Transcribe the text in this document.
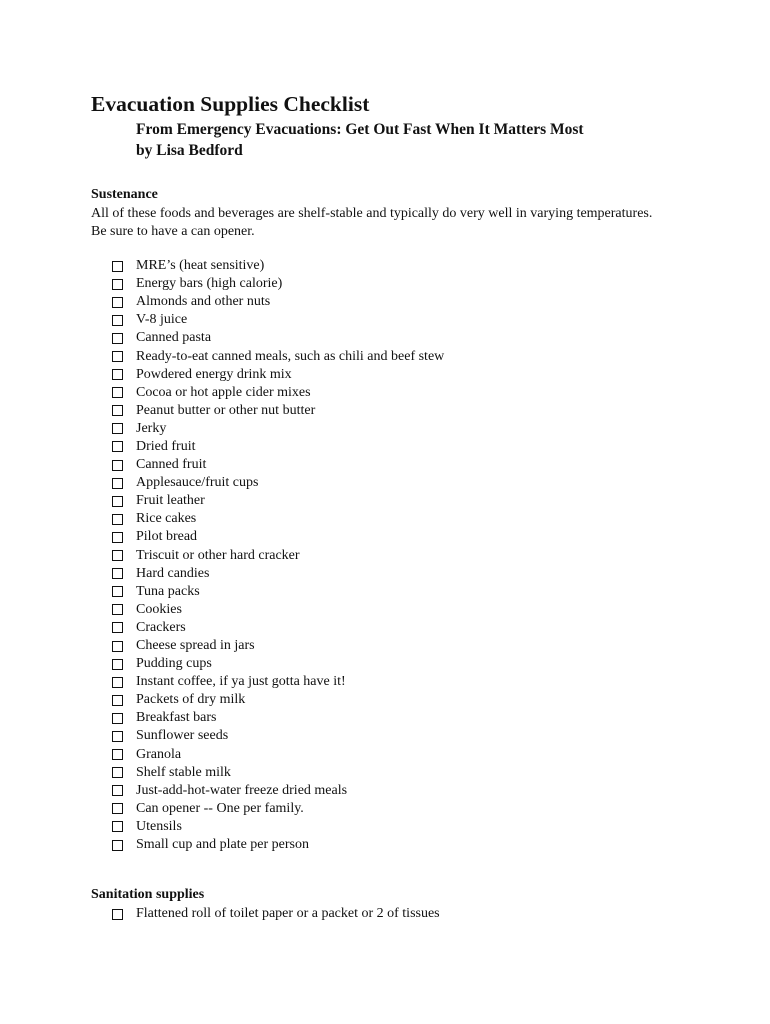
Evacuation Supplies Checklist
From Emergency Evacuations: Get Out Fast When It Matters Most
by Lisa Bedford
Sustenance
All of these foods and beverages are shelf-stable and typically do very well in varying temperatures.
Be sure to have a can opener.
MRE’s (heat sensitive)
Energy bars (high calorie)
Almonds and other nuts
V-8 juice
Canned pasta
Ready-to-eat canned meals, such as chili and beef stew
Powdered energy drink mix
Cocoa or hot apple cider mixes
Peanut butter or other nut butter
Jerky
Dried fruit
Canned fruit
Applesauce/fruit cups
Fruit leather
Rice cakes
Pilot bread
Triscuit or other hard cracker
Hard candies
Tuna packs
Cookies
Crackers
Cheese spread in jars
Pudding cups
Instant coffee, if ya just gotta have it!
Packets of dry milk
Breakfast bars
Sunflower seeds
Granola
Shelf stable milk
Just-add-hot-water freeze dried meals
Can opener -- One per family.
Utensils
Small cup and plate per person
Sanitation supplies
Flattened roll of toilet paper or a packet or 2 of tissues
